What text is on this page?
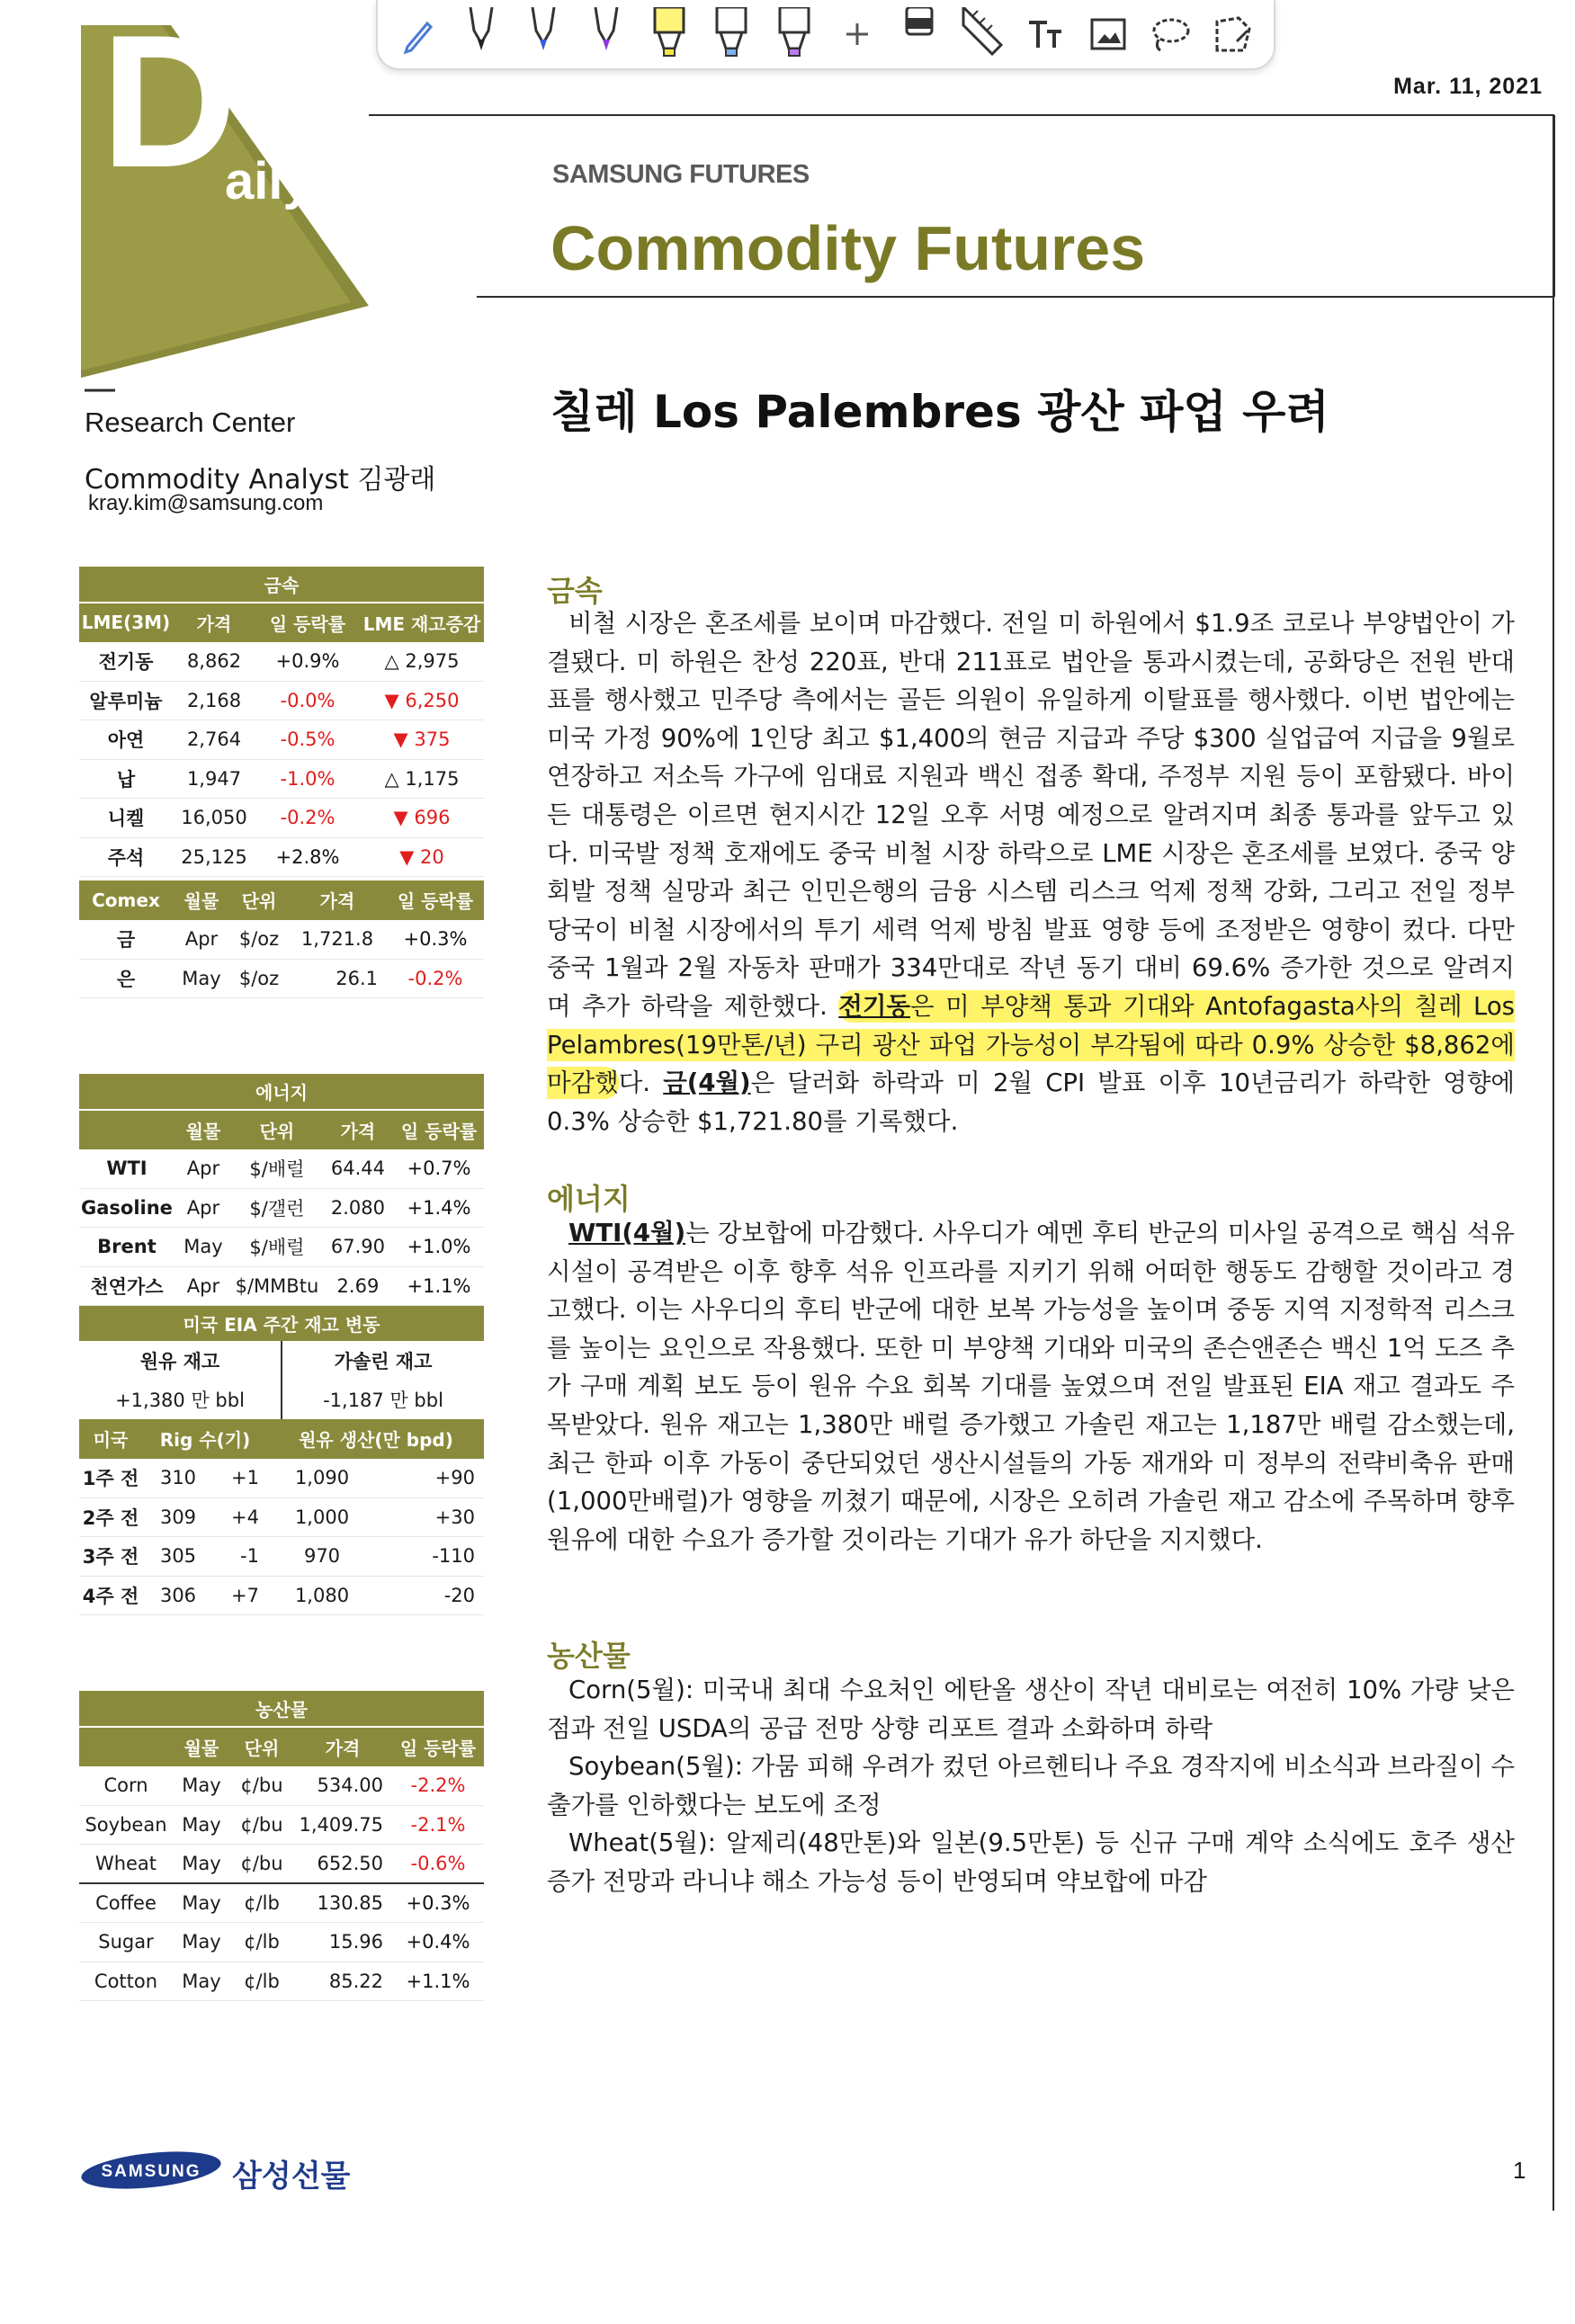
Mar. 11, 2021
D
aily	SAMSUNG FUTURES
Commodity Futures
Research Center
Commodity Analyst 김광래
kray.kim@samsung.com
칠레 Los Palembres 광산 파업 우려
금속			
LME(3M)	가격	일 등락률	LME 재고증감
전기동	8,862	+0.9%	△ 2,975
알루미늄	2,168	-0.0%	▼ 6,250
아연	2,764	-0.5%	▼ 375
납	1,947	-1.0%	△ 1,175
니켈	16,050	-0.2%	▼ 696
주석	25,125	+2.8%	▼ 20
Comex	월물	단위	가격	일 등락률
금	Apr	$/oz	1,721.8	+0.3%
은	May	$/oz	26.1	-0.2%
에너지				
	월물	단위	가격	일 등락률
WTI	Apr	$/배럴	64.44	+0.7%
Gasoline	Apr	$/갤런	2.080	+1.4%
Brent	May	$/배럴	67.90	+1.0%
천연가스	Apr	$/MMBtu	2.69	+1.1%
미국 EIA 주간 재고 변동				
원유 재고	가솔린 재고
+1,380 만 bbl	-1,187 만 bbl
미국	Rig 수(기)		원유 생산(만 bpd)	
1주 전	310	+1	1,090	+90
2주 전	309	+4	1,000	+30
3주 전	305	-1	970	-110
4주 전	306	+7	1,080	-20
농산물				
	월물	단위	가격	일 등락률
Corn	May	¢/bu	534.00	-2.2%
Soybean	May	¢/bu	1,409.75	-2.1%
Wheat	May	¢/bu	652.50	-0.6%
Coffee	May	¢/lb	130.85	+0.3%
Sugar	May	¢/lb	15.96	+0.4%
Cotton	May	¢/lb	85.22	+1.1%
금속
비철 시장은 혼조세를 보이며 마감했다. 전일 미 하원에서 $1.9조 코로나 부양법안이 가결됐다. 미 하원은 찬성 220표, 반대 211표로 법안을 통과시켰는데, 공화당은 전원 반대표를 행사했고 민주당 측에서는 골든 의원이 유일하게 이탈표를 행사했다. 이번 법안에는 미국 가정 90%에 1인당 최고 $1,400의 현금 지급과 주당 $300 실업급여 지급을 9월로 연장하고 저소득 가구에 임대료 지원과 백신 접종 확대, 주정부 지원 등이 포함됐다. 바이든 대통령은 이르면 현지시간 12일 오후 서명 예정으로 알려지며 최종 통과를 앞두고 있다. 미국발 정책 호재에도 중국 비철 시장 하락으로 LME 시장은 혼조세를 보였다. 중국 양회발 정책 실망과 최근 인민은행의 금융 시스템 리스크 억제 정책 강화, 그리고 전일 정부 당국이 비철 시장에서의 투기 세력 억제 방침 발표 영향 등에 조정받은 영향이 컸다. 다만 중국 1월과 2월 자동차 판매가 334만대로 작년 동기 대비 69.6% 증가한 것으로 알려지며 추가 하락을 제한했다. 전기동은 미 부양책 통과 기대와 Antofagasta사의 칠레 Los Pelambres(19만톤/년) 구리 광산 파업 가능성이 부각됨에 따라 0.9% 상승한 $8,862에 마감했다. 금(4월)은 달러화 하락과 미 2월 CPI 발표 이후 10년금리가 하락한 영향에 0.3% 상승한 $1,721.80를 기록했다.
에너지
WTI(4월)는 강보합에 마감했다. 사우디가 예멘 후티 반군의 미사일 공격으로 핵심 석유 시설이 공격받은 이후 향후 석유 인프라를 지키기 위해 어떠한 행동도 감행할 것이라고 경고했다. 이는 사우디의 후티 반군에 대한 보복 가능성을 높이며 중동 지역 지정학적 리스크를 높이는 요인으로 작용했다. 또한 미 부양책 기대와 미국의 존슨앤존슨 백신 1억 도즈 추가 구매 계획 보도 등이 원유 수요 회복 기대를 높였으며 전일 발표된 EIA 재고 결과도 주목받았다. 원유 재고는 1,380만 배럴 증가했고 가솔린 재고는 1,187만 배럴 감소했는데, 최근 한파 이후 가동이 중단되었던 생산시설들의 가동 재개와 미 정부의 전략비축유 판매(1,000만배럴)가 영향을 끼쳤기 때문에, 시장은 오히려 가솔린 재고 감소에 주목하며 향후 원유에 대한 수요가 증가할 것이라는 기대가 유가 하단을 지지했다.
농산물
Corn(5월): 미국내 최대 수요처인 에탄올 생산이 작년 대비로는 여전히 10% 가량 낮은 점과 전일 USDA의 공급 전망 상향 리포트 결과 소화하며 하락
Soybean(5월): 가뭄 피해 우려가 컸던 아르헨티나 주요 경작지에 비소식과 브라질이 수출가를 인하했다는 보도에 조정
Wheat(5월): 알제리(48만톤)와 일본(9.5만톤) 등 신규 구매 계약 소식에도 호주 생산 증가 전망과 라니냐 해소 가능성 등이 반영되며 약보합에 마감
SAMSUNG 삼성선물	1
